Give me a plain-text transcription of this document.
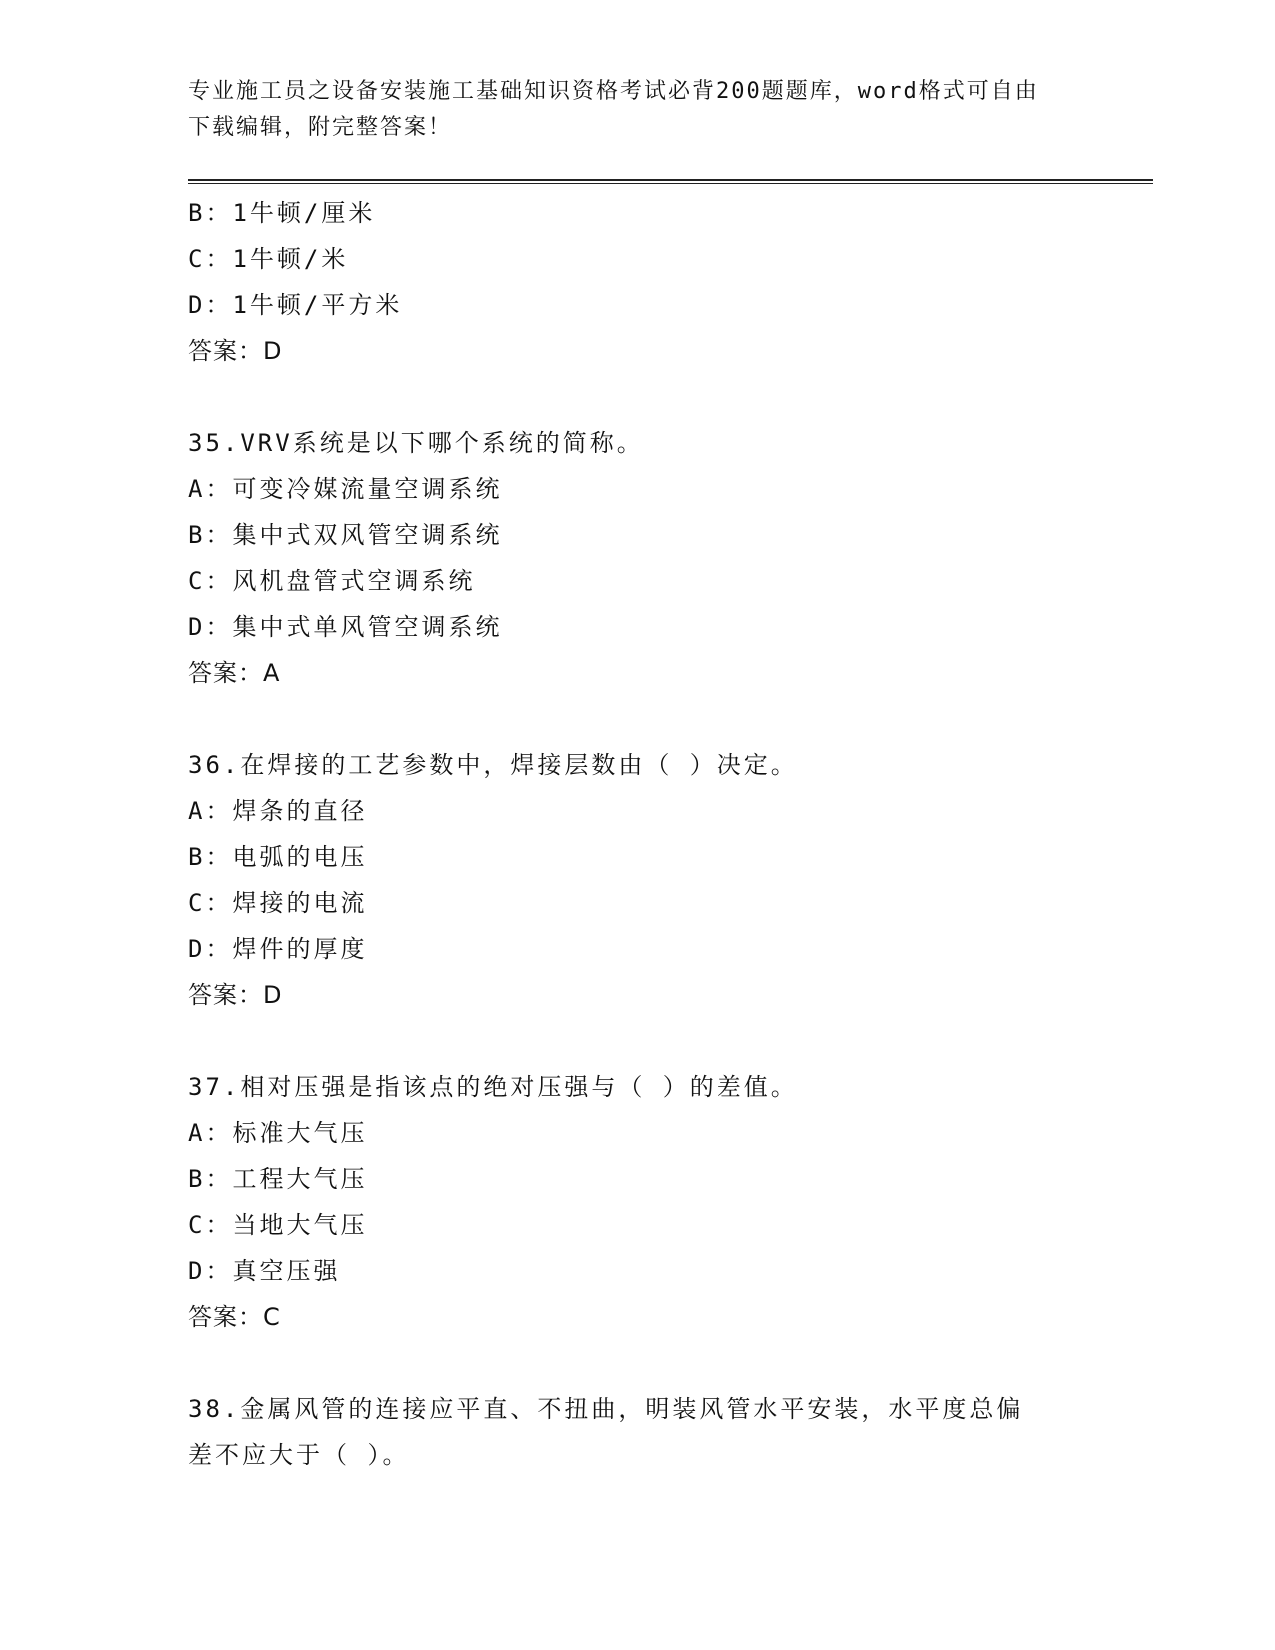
专业施工员之设备安装施工基础知识资格考试必背200题题库，word格式可自由
下载编辑，附完整答案！
B：1牛顿/厘米
C：1牛顿/米
D：1牛顿/平方米
答案：D
35.VRV系统是以下哪个系统的简称。
A：可变冷媒流量空调系统
B：集中式双风管空调系统
C：风机盘管式空调系统
D：集中式单风管空调系统
答案：A
36.在焊接的工艺参数中，焊接层数由（ ）决定。
A：焊条的直径
B：电弧的电压
C：焊接的电流
D：焊件的厚度
答案：D
37.相对压强是指该点的绝对压强与（ ）的差值。
A：标准大气压
B：工程大气压
C：当地大气压
D：真空压强
答案：C
38.金属风管的连接应平直、不扭曲，明装风管水平安装，水平度总偏
差不应大于（ ）。
